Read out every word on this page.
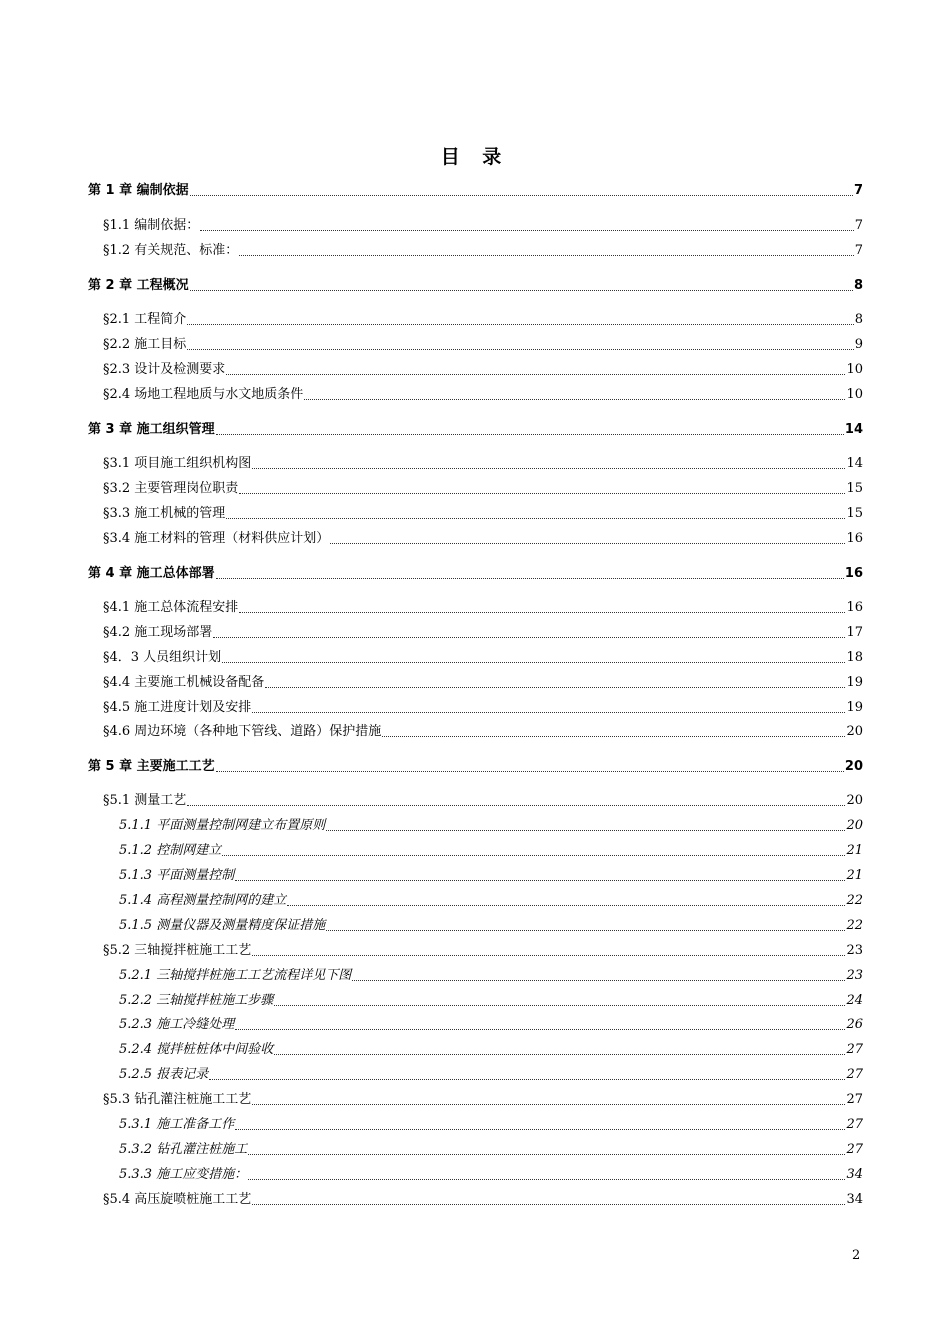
目 录
第 1 章 编制依据	7
§1.1 编制依据：	7
§1.2 有关规范、标准：	7
第 2 章 工程概况	8
§2.1 工程简介	8
§2.2 施工目标	9
§2.3 设计及检测要求	10
§2.4 场地工程地质与水文地质条件	10
第 3 章 施工组织管理	14
§3.1 项目施工组织机构图	14
§3.2 主要管理岗位职责	15
§3.3 施工机械的管理	15
§3.4 施工材料的管理（材料供应计划）	16
第 4 章 施工总体部署	16
§4.1 施工总体流程安排	16
§4.2 施工现场部署	17
§4．3 人员组织计划	18
§4.4 主要施工机械设备配备	19
§4.5 施工进度计划及安排	19
§4.6 周边环境（各种地下管线、道路）保护措施	20
第 5 章 主要施工工艺	20
§5.1 测量工艺	20
5.1.1 平面测量控制网建立布置原则	20
5.1.2 控制网建立	21
5.1.3 平面测量控制	21
5.1.4 高程测量控制网的建立	22
5.1.5 测量仪器及测量精度保证措施	22
§5.2 三轴搅拌桩施工工艺	23
5.2.1 三轴搅拌桩施工工艺流程详见下图	23
5.2.2 三轴搅拌桩施工步骤	24
5.2.3 施工冷缝处理	26
5.2.4 搅拌桩桩体中间验收	27
5.2.5 报表记录	27
§5.3 钻孔灌注桩施工工艺	27
5.3.1 施工准备工作	27
5.3.2 钻孔灌注桩施工	27
5.3.3 施工应变措施：	34
§5.4 高压旋喷桩施工工艺	34
2
